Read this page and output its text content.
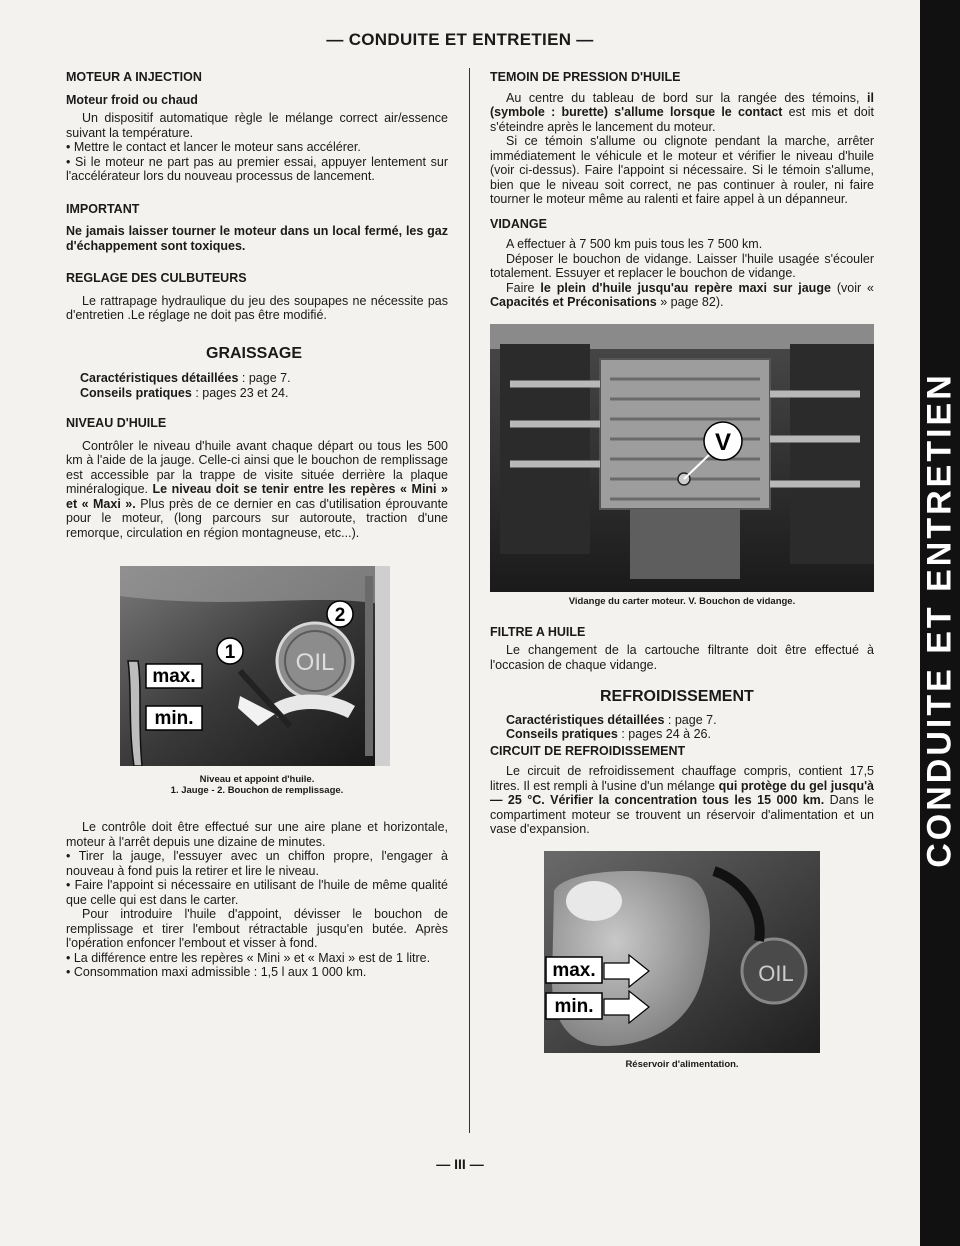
— CONDUITE ET ENTRETIEN —
CONDUITE ET ENTRETIEN
MOTEUR A INJECTION
Moteur froid ou chaud

Un dispositif automatique règle le mélange correct air/essence suivant la température.

• Mettre le contact et lancer le moteur sans accélérer.

• Si le moteur ne part pas au premier essai, appuyer lentement sur l'accélérateur lors du nouveau processus de lancement.

IMPORTANT

Ne jamais laisser tourner le moteur dans un local fermé, les gaz d'échappement sont toxiques.

REGLAGE DES CULBUTEURS

Le rattrapage hydraulique du jeu des soupapes ne nécessite pas d'entretien .Le réglage ne doit pas être modifié.

GRAISSAGE

Caractéristiques détaillées : page 7.

Conseils pratiques : pages 23 et 24.

NIVEAU D'HUILE

Contrôler le niveau d'huile avant chaque départ ou tous les 500 km à l'aide de la jauge. Celle-ci ainsi que le bouchon de remplissage est accessible par la trappe de visite située derrière la plaque minéralogique. Le niveau doit se tenir entre les repères « Mini » et « Maxi ». Plus près de ce dernier en cas d'utilisation éprouvante pour le moteur, (long parcours sur autoroute, traction d'une remorque, circulation en région montagneuse, etc...).

max.
min.
1
2
OIL
Niveau et appoint d'huile.
1. Jauge - 2. Bouchon de remplissage.

Le contrôle doit être effectué sur une aire plane et horizontale, moteur à l'arrêt depuis une dizaine de minutes.

• Tirer la jauge, l'essuyer avec un chiffon propre, l'engager à nouveau à fond puis la retirer et lire le niveau.

• Faire l'appoint si nécessaire en utilisant de l'huile de même qualité que celle qui est dans le carter.

Pour introduire l'huile d'appoint, dévisser le bouchon de remplissage et tirer l'embout rétractable jusqu'en butée. Après l'opération enfoncer l'embout et visser à fond.

• La différence entre les repères « Mini » et « Maxi » est de 1 litre.

• Consommation maxi admissible : 1,5 l aux 1 000 km.

TEMOIN DE PRESSION D'HUILE

Au centre du tableau de bord sur la rangée des témoins, il (symbole : burette) s'allume lorsque le contact est mis et doit s'éteindre après le lancement du moteur.

Si ce témoin s'allume ou clignote pendant la marche, arrêter immédiatement le véhicule et le moteur et vérifier le niveau d'huile (voir ci-dessus). Faire l'appoint si nécessaire. Si le témoin s'allume, bien que le niveau soit correct, ne pas continuer à rouler, ni faire tourner le moteur même au ralenti et faire appel à un dépanneur.

VIDANGE

A effectuer à 7 500 km puis tous les 7 500 km.

Déposer le bouchon de vidange. Laisser l'huile usagée s'écouler totalement. Essuyer et replacer le bouchon de vidange.

Faire le plein d'huile jusqu'au repère maxi sur jauge (voir « Capacités et Préconisations » page 82).

V
Vidange du carter moteur. V. Bouchon de vidange.
FILTRE A HUILE

Le changement de la cartouche filtrante doit être effectué à l'occasion de chaque vidange.

REFROIDISSEMENT

Caractéristiques détaillées : page 7.

Conseils pratiques : pages 24 à 26.

CIRCUIT DE REFROIDISSEMENT

Le circuit de refroidissement chauffage compris, contient 17,5 litres. Il est rempli à l'usine d'un mélange qui protège du gel jusqu'à — 25 °C. Vérifier la concentration tous les 15 000 km. Dans le compartiment moteur se trouvent un réservoir d'alimentation et un vase d'expansion.

max.
min.
OIL
Réservoir d'alimentation.
— III —
